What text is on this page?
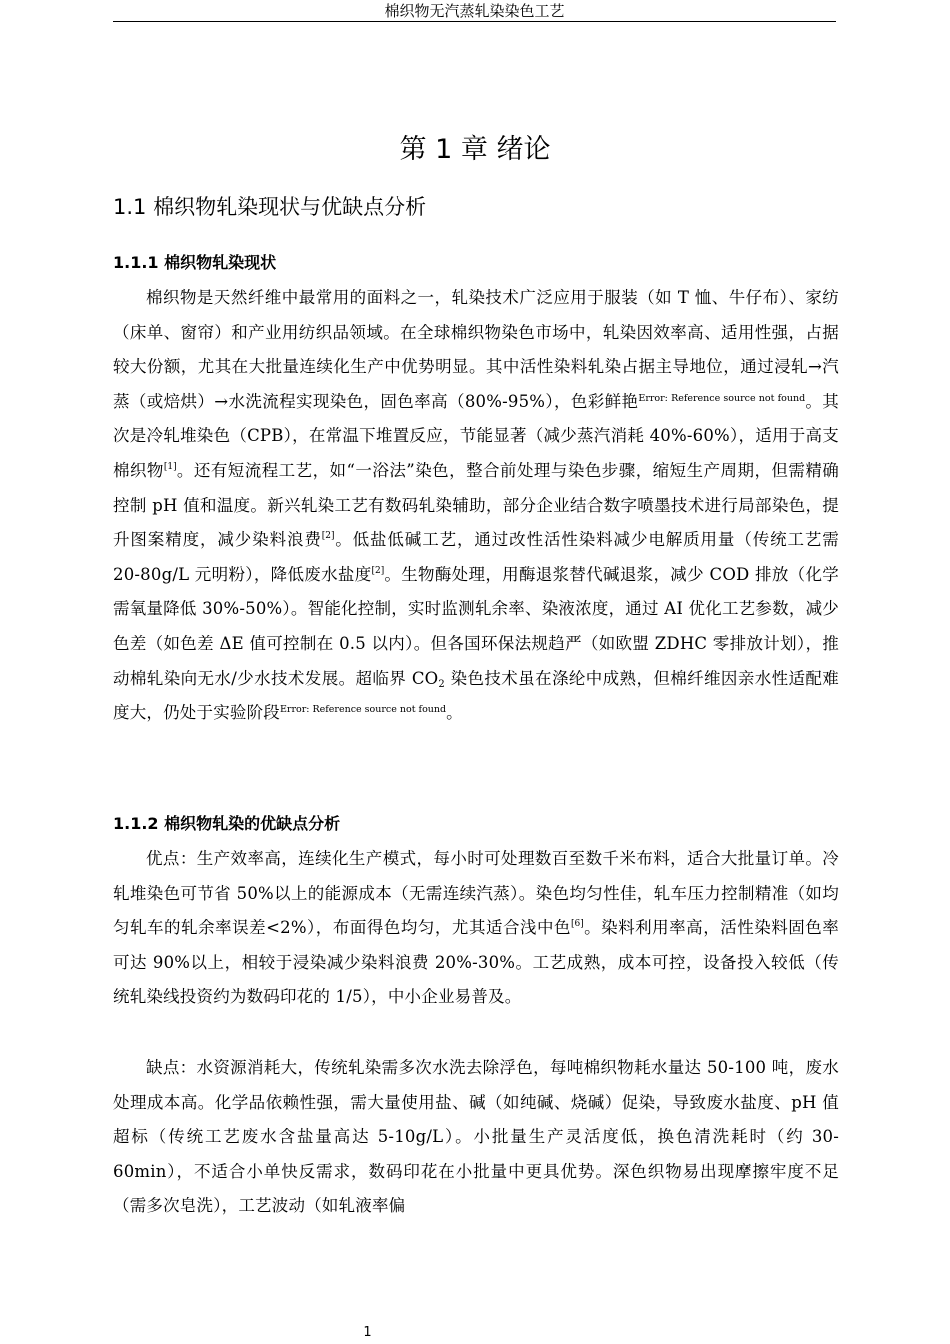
棉织物无汽蒸轧染染色工艺
第 1 章 绪论
1.1 棉织物轧染现状与优缺点分析
1.1.1 棉织物轧染现状

棉织物是天然纤维中最常用的面料之一，轧染技术广泛应用于服装（如 T 恤、牛仔布）、家纺（床单、窗帘）和产业用纺织品领域。在全球棉织物染色市场中，轧染因效率高、适用性强，占据较大份额，尤其在大批量连续化生产中优势明显。其中活性染料轧染占据主导地位，通过浸轧→汽蒸（或焙烘）→水洗流程实现染色，固色率高（80%-95%），色彩鲜艳$^{Error: Reference source not found}$。其次是冷轧堆染色（CPB），在常温下堆置反应，节能显著（减少蒸汽消耗 40%-60%），适用于高支棉织物[1]。还有短流程工艺，如“一浴法”染色，整合前处理与染色步骤，缩短生产周期，但需精确控制 pH 值和温度。新兴轧染工艺有数码轧染辅助，部分企业结合数字喷墨技术进行局部染色，提升图案精度，减少染料浪费[2]。低盐低碱工艺，通过改性活性染料减少电解质用量（传统工艺需 20-80g/L 元明粉），降低废水盐度[2]。生物酶处理，用酶退浆替代碱退浆，减少 COD 排放（化学需氧量降低 30%-50%）。智能化控制，实时监测轧余率、染液浓度，通过 AI 优化工艺参数，减少色差（如色差 ΔE 值可控制在 0.5 以内）。但各国环保法规趋严（如欧盟 ZDHC 零排放计划），推动棉轧染向无水/少水技术发展。超临界 $CO_2$ 染色技术虽在涤纶中成熟，但棉纤维因亲水性适配难度大，仍处于实验阶段$^{Error: Reference source not found}$。

1.1.2 棉织物轧染的优缺点分析

优点：生产效率高，连续化生产模式，每小时可处理数百至数千米布料，适合大批量订单。冷轧堆染色可节省 50%以上的能源成本（无需连续汽蒸）。染色均匀性佳，轧车压力控制精准（如均匀轧车的轧余率误差<2%），布面得色均匀，尤其适合浅中色[6]。染料利用率高，活性染料固色率可达 90%以上，相较于浸染减少染料浪费 20%-30%。工艺成熟，成本可控，设备投入较低（传统轧染线投资约为数码印花的 1/5），中小企业易普及。

缺点：水资源消耗大，传统轧染需多次水洗去除浮色，每吨棉织物耗水量达 50-100 吨，废水处理成本高。化学品依赖性强，需大量使用盐、碱（如纯碱、烧碱）促染，导致废水盐度、pH 值超标（传统工艺废水含盐量高达 5-10g/L）。小批量生产灵活度低，换色清洗耗时（约 30-60min），不适合小单快反需求，数码印花在小批量中更具优势。深色织物易出现摩擦牢度不足（需多次皂洗），工艺波动（如轧液率偏

1
